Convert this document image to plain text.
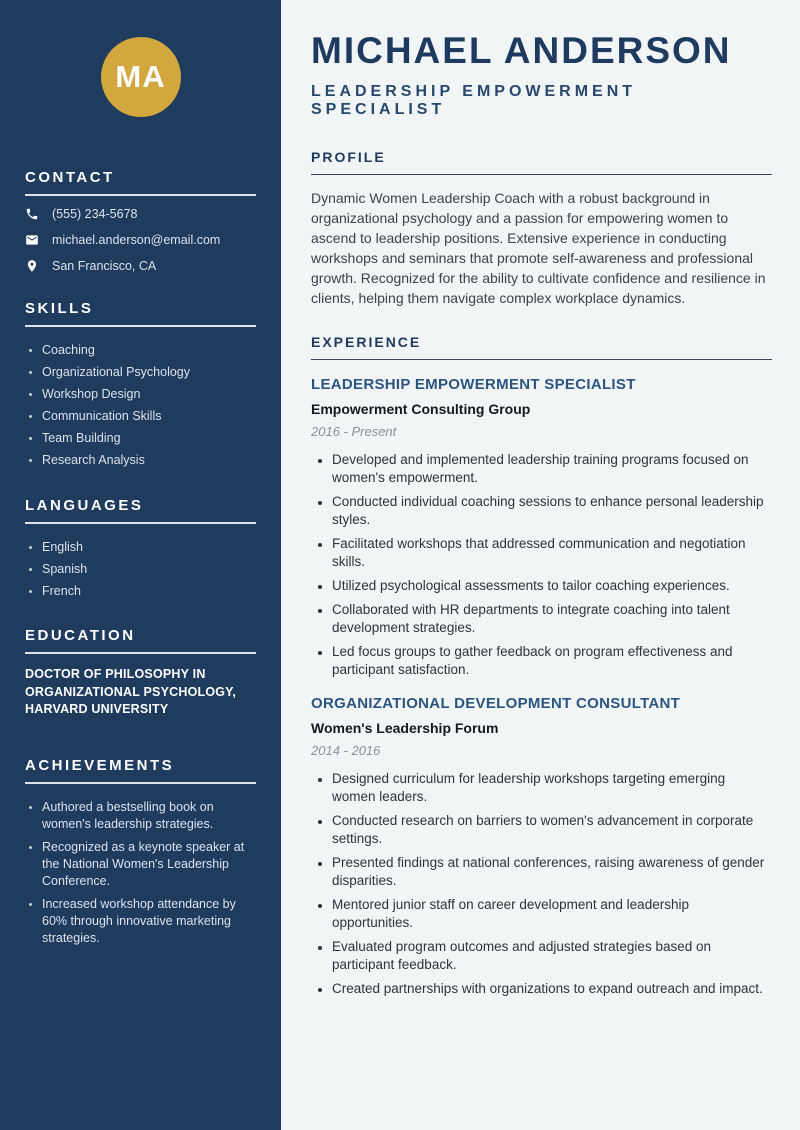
MA
CONTACT
(555) 234-5678
michael.anderson@email.com
San Francisco, CA
SKILLS
• Coaching
• Organizational Psychology
• Workshop Design
• Communication Skills
• Team Building
• Research Analysis
LANGUAGES
• English
• Spanish
• French
EDUCATION
DOCTOR OF PHILOSOPHY IN ORGANIZATIONAL PSYCHOLOGY, HARVARD UNIVERSITY
ACHIEVEMENTS
• Authored a bestselling book on women's leadership strategies.
• Recognized as a keynote speaker at the National Women's Leadership Conference.
• Increased workshop attendance by 60% through innovative marketing strategies.
MICHAEL ANDERSON
LEADERSHIP EMPOWERMENT SPECIALIST
PROFILE

Dynamic Women Leadership Coach with a robust background in organizational psychology and a passion for empowering women to ascend to leadership positions. Extensive experience in conducting workshops and seminars that promote self-awareness and professional growth. Recognized for the ability to cultivate confidence and resilience in clients, helping them navigate complex workplace dynamics.

EXPERIENCE
LEADERSHIP EMPOWERMENT SPECIALIST
Empowerment Consulting Group
2016 - Present
• Developed and implemented leadership training programs focused on women's empowerment.
• Conducted individual coaching sessions to enhance personal leadership styles.
• Facilitated workshops that addressed communication and negotiation skills.
• Utilized psychological assessments to tailor coaching experiences.
• Collaborated with HR departments to integrate coaching into talent development strategies.
• Led focus groups to gather feedback on program effectiveness and participant satisfaction.
ORGANIZATIONAL DEVELOPMENT CONSULTANT
Women's Leadership Forum
2014 - 2016
• Designed curriculum for leadership workshops targeting emerging women leaders.
• Conducted research on barriers to women's advancement in corporate settings.
• Presented findings at national conferences, raising awareness of gender disparities.
• Mentored junior staff on career development and leadership opportunities.
• Evaluated program outcomes and adjusted strategies based on participant feedback.
• Created partnerships with organizations to expand outreach and impact.
